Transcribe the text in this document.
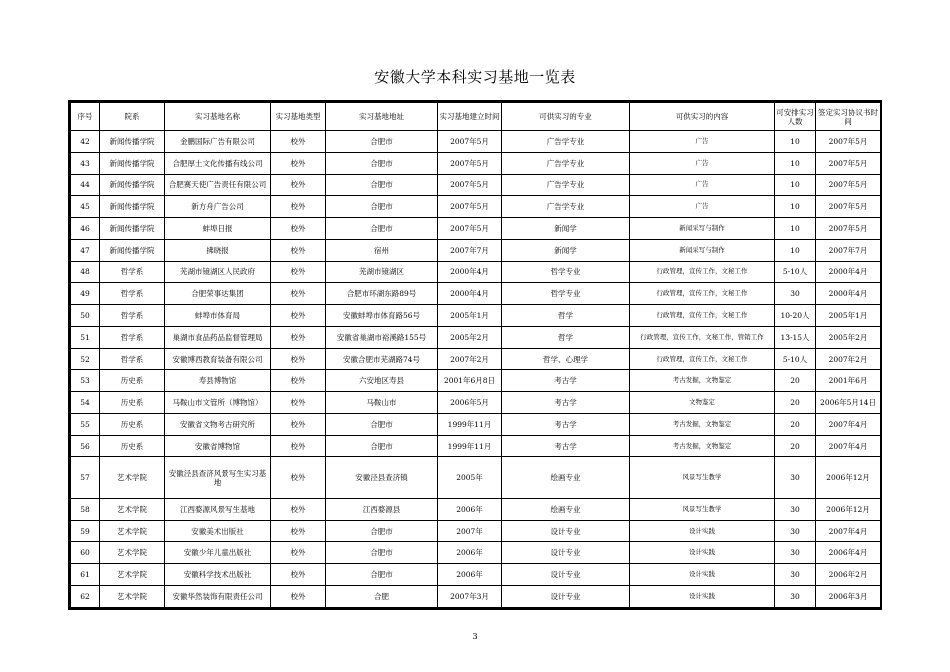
安徽大学本科实习基地一览表
序号	院系	实习基地名称	实习基地类型	实习基地地址	实习基地建立时间	可供实习的专业	可供实习的内容	可安排实习人数	签定实习协议书时间
42	新闻传播学院	金鹏国际广告有限公司	校外	合肥市	2007年5月	广告学专业	广告	10	2007年5月
43	新闻传播学院	合肥厚土文化传播有线公司	校外	合肥市	2007年5月	广告学专业	广告	10	2007年5月
44	新闻传播学院	合肥赛天使广告责任有限公司	校外	合肥市	2007年5月	广告学专业	广告	10	2007年5月
45	新闻传播学院	新方舟广告公司	校外	合肥市	2007年5月	广告学专业	广告	10	2007年5月
46	新闻传播学院	蚌埠日报	校外	合肥市	2007年5月	新闻学	新闻采写与制作	10	2007年5月
47	新闻传播学院	拂晓报	校外	宿州	2007年7月	新闻学	新闻采写与制作	10	2007年7月
48	哲学系	芜湖市镜湖区人民政府	校外	芜湖市镜湖区	2000年4月	哲学专业	行政管理，宣传工作，文秘工作	5-10人	2000年4月
49	哲学系	合肥荣事达集团	校外	合肥市环湖东路89号	2000年4月	哲学专业	行政管理，宣传工作，文秘工作	30	2000年4月
50	哲学系	蚌埠市体育局	校外	安徽蚌埠市体育路56号	2005年1月	哲学	行政管理，宣传工作，文秘工作	10-20人	2005年1月
51	哲学系	巢湖市食品药品监督管理局	校外	安徽省巢湖市裕溪路155号	2005年2月	哲学	行政管理，宣传工作，文秘工作，管销工作	13-15人	2005年2月
52	哲学系	安徽博西教育装备有限公司	校外	安徽合肥市芜湖路74号	2007年2月	哲学、心理学	行政管理，宣传工作，文秘工作	5-10人	2007年2月
53	历史系	寿县博物馆	校外	六安地区寿县	2001年6月8日	考古学	考古发掘，文物鉴定	20	2001年6月
54	历史系	马鞍山市文管所（博物馆）	校外	马鞍山市	2006年5月	考古学	文物鉴定	20	2006年5月14日
55	历史系	安徽省文物考古研究所	校外	合肥市	1999年11月	考古学	考古发掘，文物鉴定	20	2007年4月
56	历史系	安徽省博物馆	校外	合肥市	1999年11月	考古学	考古发掘，文物鉴定	20	2007年4月
57	艺术学院	安徽泾县查济风景写生实习基地	校外	安徽泾县查济镇	2005年	绘画专业	风景写生教学	30	2006年12月
58	艺术学院	江西婺源风景写生基地	校外	江西婺源县	2006年	绘画专业	风景写生教学	30	2006年12月
59	艺术学院	安徽美术出版社	校外	合肥市	2007年	设计专业	设计实践	30	2007年4月
60	艺术学院	安徽少年儿童出版社	校外	合肥市	2006年	设计专业	设计实践	30	2006年4月
61	艺术学院	安徽科学技术出版社	校外	合肥市	2006年	设计专业	设计实践	30	2006年2月
62	艺术学院	安徽华然装饰有限责任公司	校外	合肥	2007年3月	设计专业	设计实践	30	2006年3月
3
